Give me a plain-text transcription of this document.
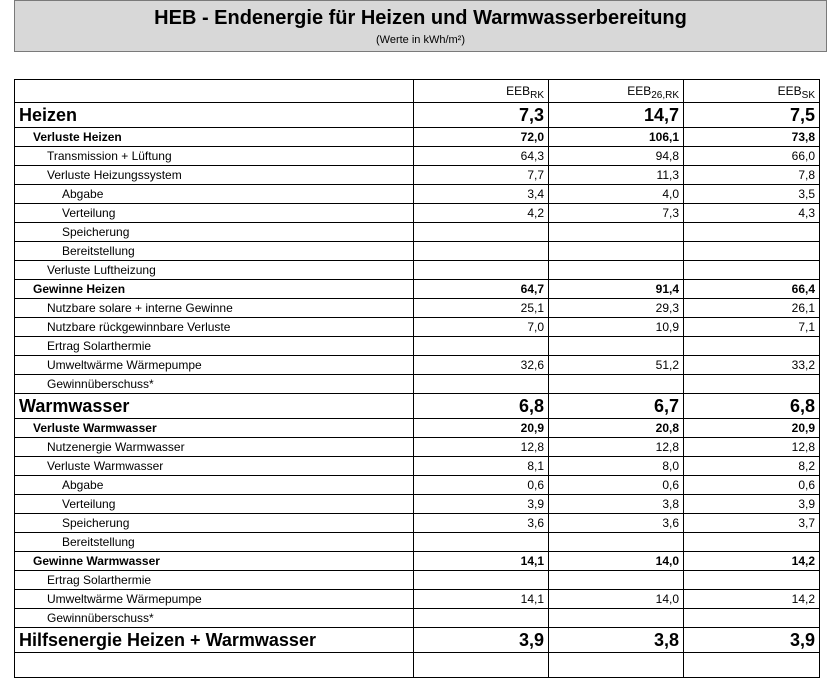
HEB - Endenergie für Heizen und Warmwasserbereitung
(Werte in kWh/m²)
	$EEB_{RK}$	$EEB_{26,RK}$	$EEB_{SK}$
Heizen	7,3	14,7	7,5
Verluste Heizen	72,0	106,1	73,8
Transmission + Lüftung	64,3	94,8	66,0
Verluste Heizungssystem	7,7	11,3	7,8
Abgabe	3,4	4,0	3,5
Verteilung	4,2	7,3	4,3
Speicherung			
Bereitstellung			
Verluste Luftheizung			
Gewinne Heizen	64,7	91,4	66,4
Nutzbare solare + interne Gewinne	25,1	29,3	26,1
Nutzbare rückgewinnbare Verluste	7,0	10,9	7,1
Ertrag Solarthermie			
Umweltwärme Wärmepumpe	32,6	51,2	33,2
Gewinnüberschuss*			
Warmwasser	6,8	6,7	6,8
Verluste Warmwasser	20,9	20,8	20,9
Nutzenergie Warmwasser	12,8	12,8	12,8
Verluste Warmwasser	8,1	8,0	8,2
Abgabe	0,6	0,6	0,6
Verteilung	3,9	3,8	3,9
Speicherung	3,6	3,6	3,7
Bereitstellung			
Gewinne Warmwasser	14,1	14,0	14,2
Ertrag Solarthermie			
Umweltwärme Wärmepumpe	14,1	14,0	14,2
Gewinnüberschuss*			
Hilfsenergie Heizen + Warmwasser	3,9	3,8	3,9
